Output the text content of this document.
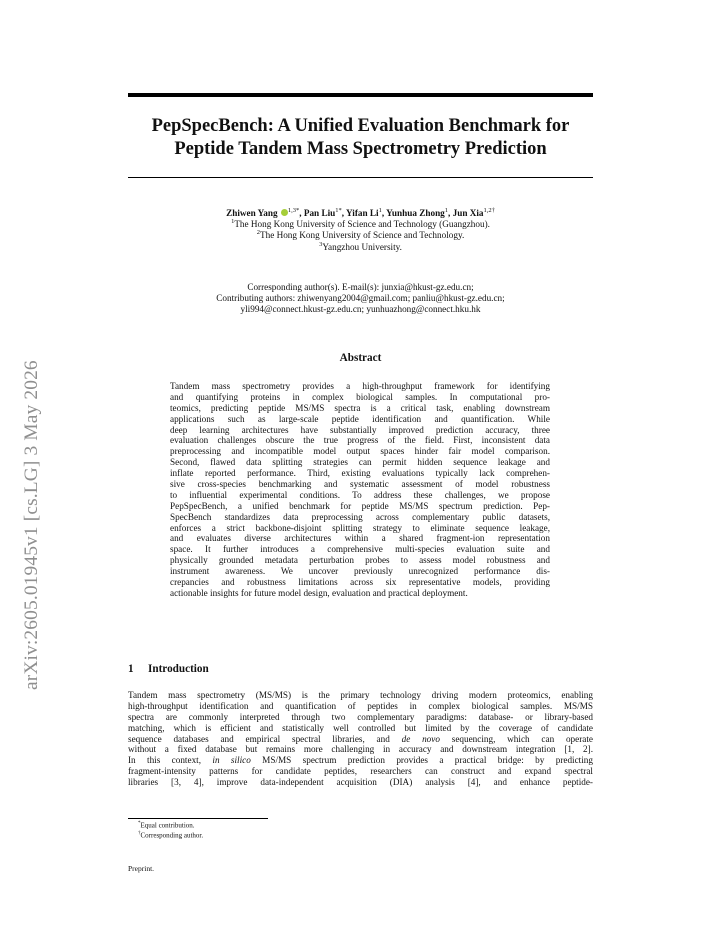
arXiv:2605.01945v1 [cs.LG] 3 May 2026
PepSpecBench: A Unified Evaluation Benchmark for
Peptide Tandem Mass Spectrometry Prediction
Zhiwen Yang $^{1,3*}$, Pan Liu$^{1*}$, Yifan Li$^1$, Yunhua Zhong$^1$, Jun Xia$^{1,2\dagger}$
$^1$The Hong Kong University of Science and Technology (Guangzhou).
$^2$The Hong Kong University of Science and Technology.
$^3$Yangzhou University.
Corresponding author(s). E-mail(s): junxia@hkust-gz.edu.cn;
Contributing authors: zhiwenyang2004@gmail.com; panliu@hkust-gz.edu.cn;
yli994@connect.hkust-gz.edu.cn; yunhuazhong@connect.hku.hk
Abstract
Tandem mass spectrometry provides a high-throughput framework for identifying
and quantifying proteins in complex biological samples. In computational pro-
teomics, predicting peptide MS/MS spectra is a critical task, enabling downstream
applications such as large-scale peptide identification and quantification. While
deep learning architectures have substantially improved prediction accuracy, three
evaluation challenges obscure the true progress of the field. First, inconsistent data
preprocessing and incompatible model output spaces hinder fair model comparison.
Second, flawed data splitting strategies can permit hidden sequence leakage and
inflate reported performance. Third, existing evaluations typically lack comprehen-
sive cross-species benchmarking and systematic assessment of model robustness
to influential experimental conditions. To address these challenges, we propose
PepSpecBench, a unified benchmark for peptide MS/MS spectrum prediction. Pep-
SpecBench standardizes data preprocessing across complementary public datasets,
enforces a strict backbone-disjoint splitting strategy to eliminate sequence leakage,
and evaluates diverse architectures within a shared fragment-ion representation
space. It further introduces a comprehensive multi-species evaluation suite and
physically grounded metadata perturbation probes to assess model robustness and
instrument awareness. We uncover previously unrecognized performance dis-
crepancies and robustness limitations across six representative models, providing
actionable insights for future model design, evaluation and practical deployment.
1 Introduction
Tandem mass spectrometry (MS/MS) is the primary technology driving modern proteomics, enabling
high-throughput identification and quantification of peptides in complex biological samples. MS/MS
spectra are commonly interpreted through two complementary paradigms: database- or library-based
matching, which is efficient and statistically well controlled but limited by the coverage of candidate
sequence databases and empirical spectral libraries, and de novo sequencing, which can operate
without a fixed database but remains more challenging in accuracy and downstream integration [1, 2].
In this context, in silico MS/MS spectrum prediction provides a practical bridge: by predicting
fragment-intensity patterns for candidate peptides, researchers can construct and expand spectral
libraries [3, 4], improve data-independent acquisition (DIA) analysis [4], and enhance peptide-
*Equal contribution.
†Corresponding author.
Preprint.
